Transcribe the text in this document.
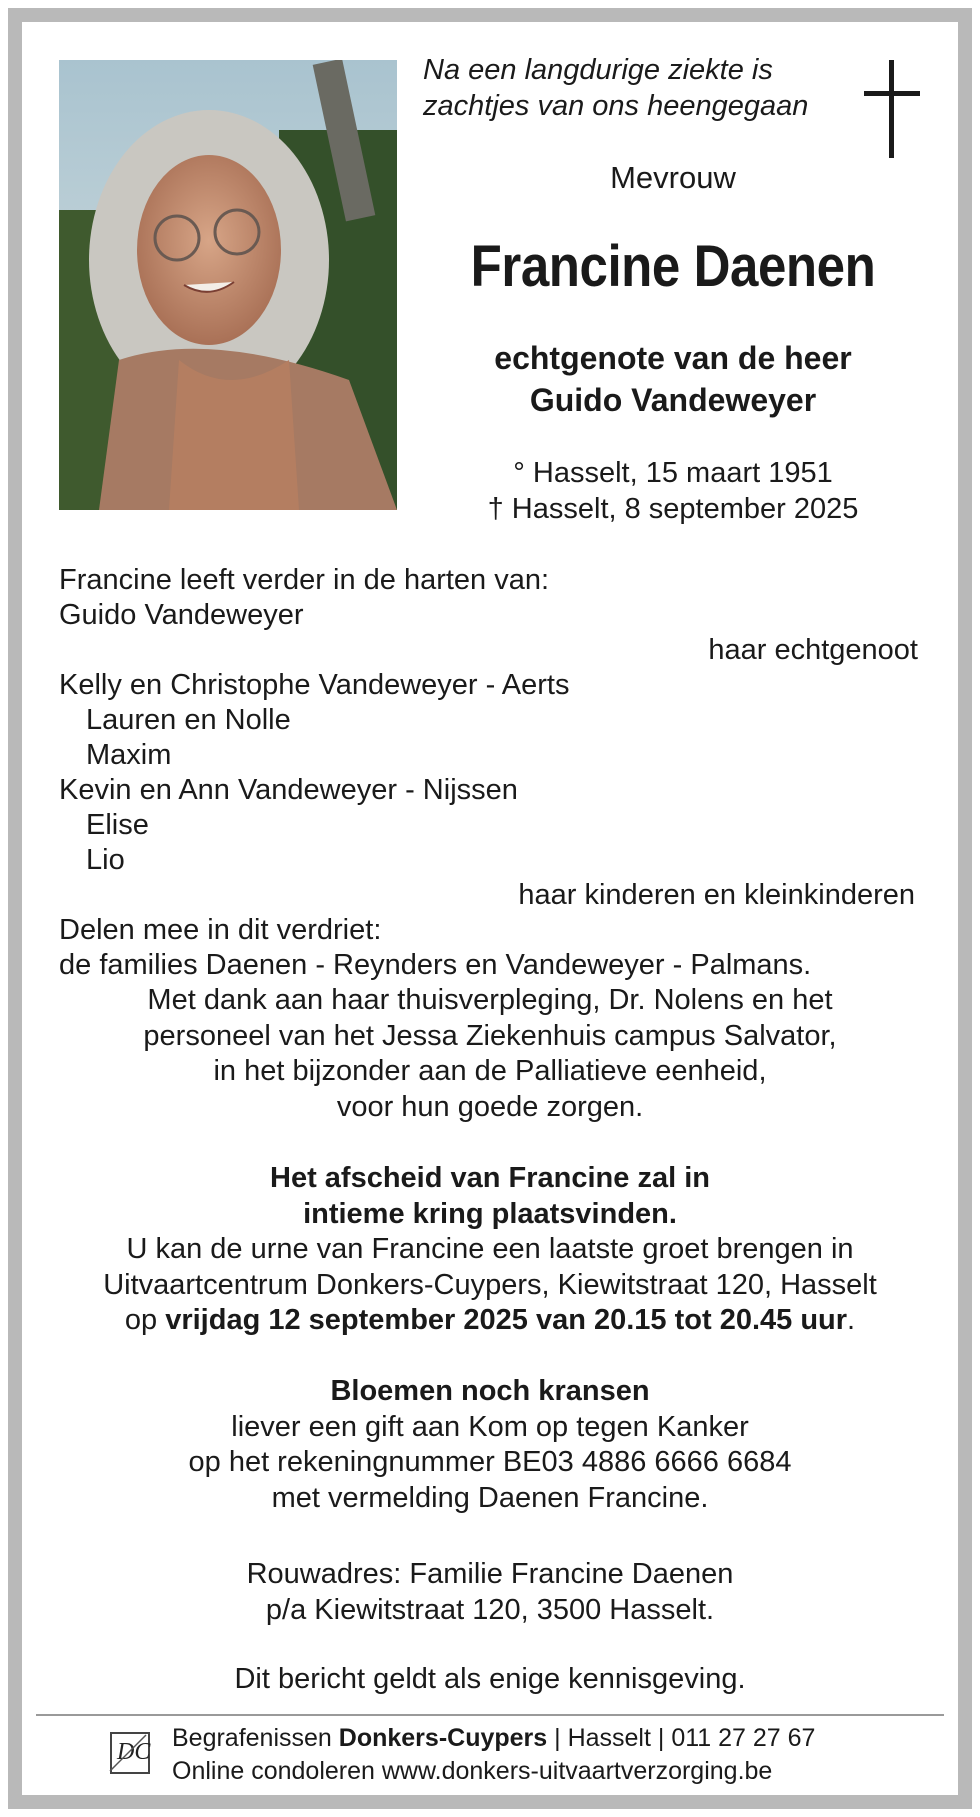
Na een langdurige ziekte is
zachtjes van ons heengegaan
Mevrouw
Francine Daenen
echtgenote van de heer
Guido Vandeweyer
° Hasselt, 15 maart 1951
† Hasselt, 8 september 2025
Francine leeft verder in de harten van:
Guido Vandeweyer
haar echtgenoot
Kelly en Christophe Vandeweyer - Aerts
Lauren en Nolle
Maxim
Kevin en Ann Vandeweyer - Nijssen
Elise
Lio
haar kinderen en kleinkinderen
Delen mee in dit verdriet:
de families Daenen - Reynders en Vandeweyer - Palmans.
Met dank aan haar thuisverpleging, Dr. Nolens en het
personeel van het Jessa Ziekenhuis campus Salvator,
in het bijzonder aan de Palliatieve eenheid,
voor hun goede zorgen.
Het afscheid van Francine zal in
intieme kring plaatsvinden.
U kan de urne van Francine een laatste groet brengen in
Uitvaartcentrum Donkers-Cuypers, Kiewitstraat 120, Hasselt
op vrijdag 12 september 2025 van 20.15 tot 20.45 uur.
Bloemen noch kransen
liever een gift aan Kom op tegen Kanker
op het rekeningnummer BE03 4886 6666 6684
met vermelding Daenen Francine.
Rouwadres: Familie Francine Daenen
p/a Kiewitstraat 120, 3500 Hasselt.
Dit bericht geldt als enige kennisgeving.
DC Begrafenissen Donkers-Cuypers | Hasselt | 011 27 27 67
Online condoleren www.donkers-uitvaartverzorging.be
